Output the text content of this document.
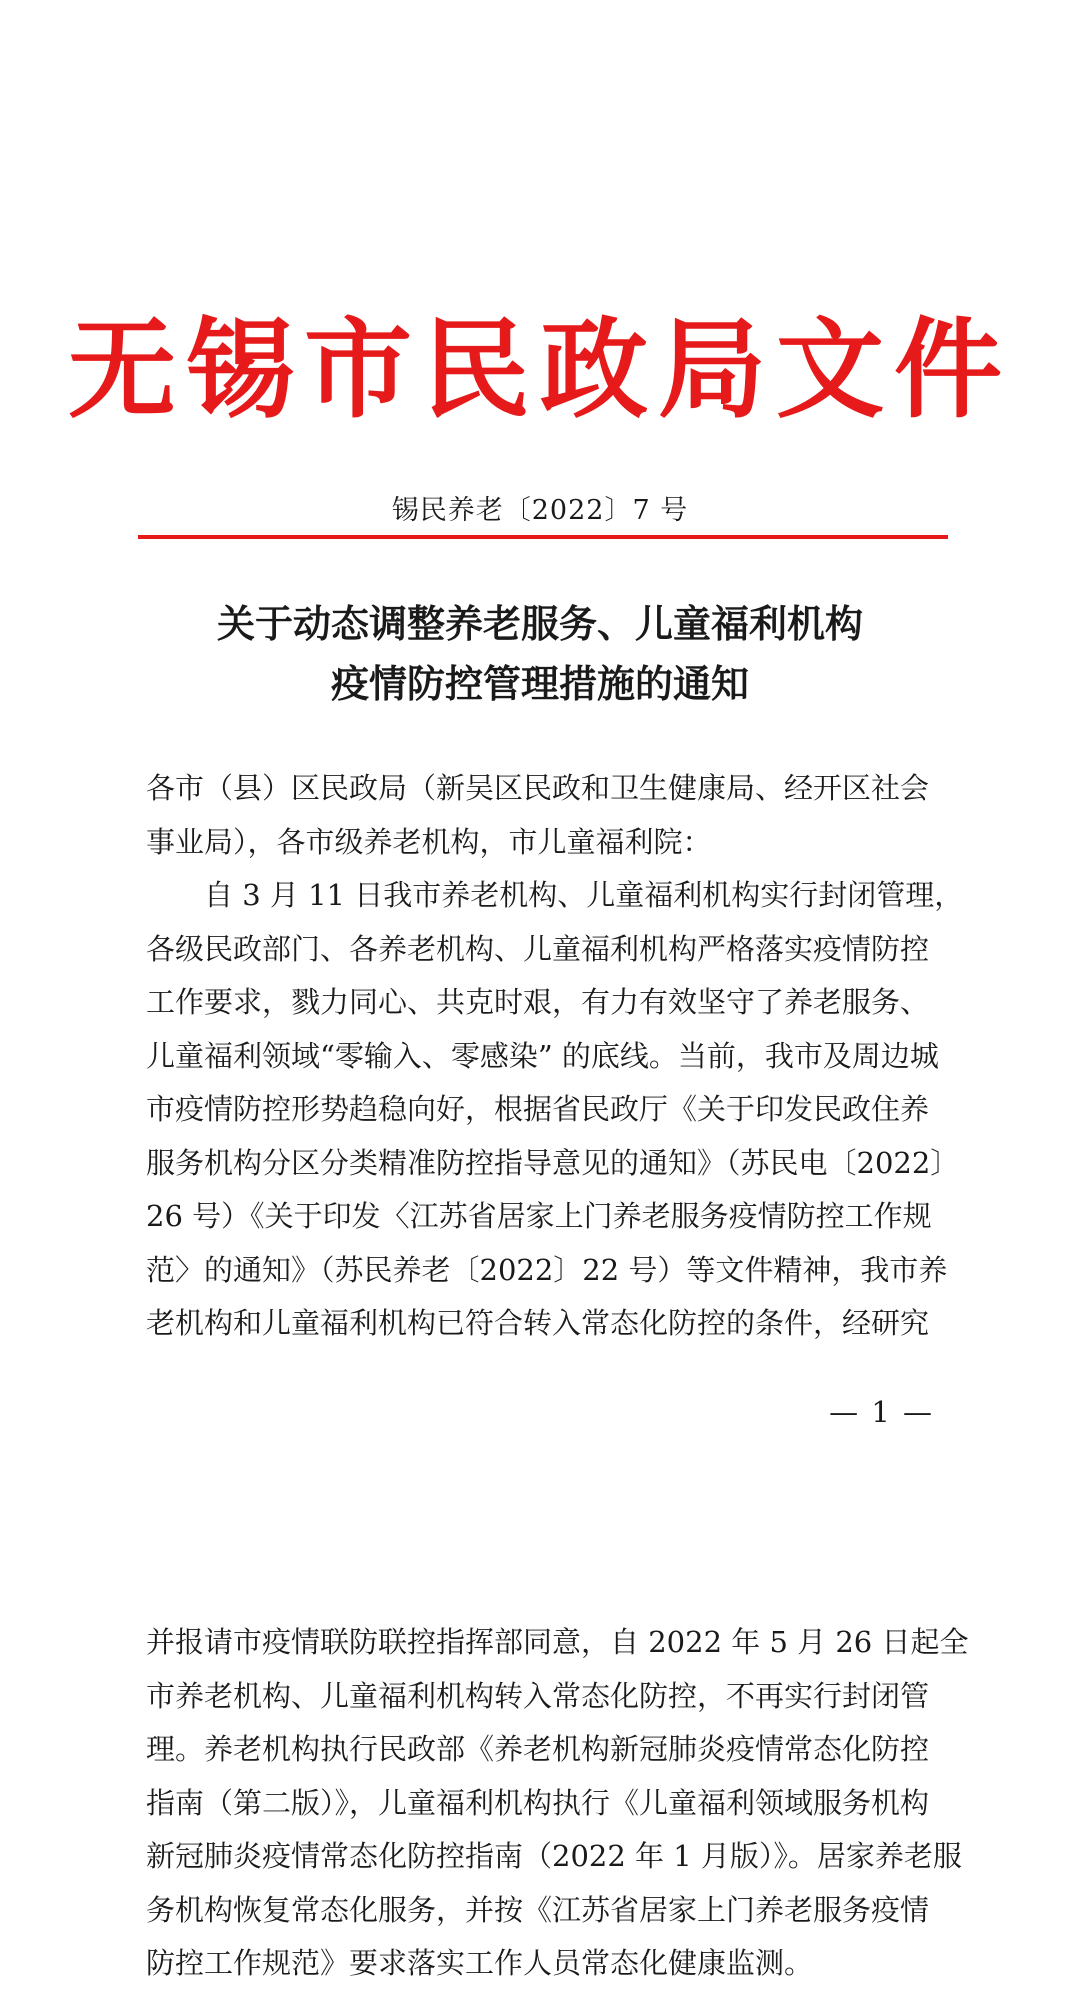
无锡市民政局文件
锡民养老〔2022〕7 号
关于动态调整养老服务、儿童福利机构
疫情防控管理措施的通知
各市（县）区民政局（新吴区民政和卫生健康局、经开区社会
事业局），各市级养老机构，市儿童福利院：
自 3 月 11 日我市养老机构、儿童福利机构实行封闭管理，
各级民政部门、各养老机构、儿童福利机构严格落实疫情防控
工作要求，戮力同心、共克时艰，有力有效坚守了养老服务、
儿童福利领域“零输入、零感染” 的底线。当前，我市及周边城
市疫情防控形势趋稳向好，根据省民政厅《关于印发民政住养
服务机构分区分类精准防控指导意见的通知》（苏民电〔2022〕
26 号）《关于印发〈江苏省居家上门养老服务疫情防控工作规
范〉的通知》（苏民养老〔2022〕22 号）等文件精神，我市养
老机构和儿童福利机构已符合转入常态化防控的条件，经研究
— 1 —
并报请市疫情联防联控指挥部同意，自 2022 年 5 月 26 日起全
市养老机构、儿童福利机构转入常态化防控，不再实行封闭管
理。养老机构执行民政部《养老机构新冠肺炎疫情常态化防控
指南（第二版）》，儿童福利机构执行《儿童福利领域服务机构
新冠肺炎疫情常态化防控指南（2022 年 1 月版）》。居家养老服
务机构恢复常态化服务，并按《江苏省居家上门养老服务疫情
防控工作规范》要求落实工作人员常态化健康监测。
